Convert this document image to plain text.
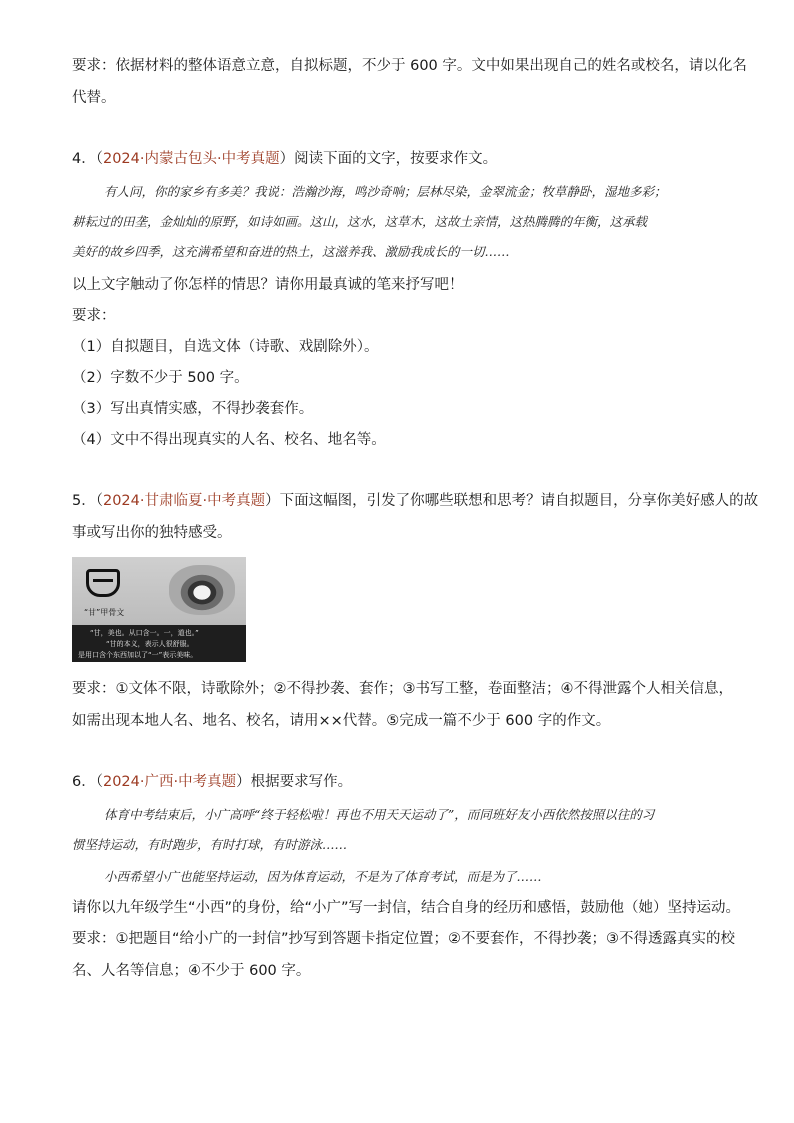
要求：依据材料的整体语意立意，自拟标题，不少于 600 字。文中如果出现自己的姓名或校名，请以化名
代替。
4．（2024·内蒙古包头·中考真题）阅读下面的文字，按要求作文。
有人问，你的家乡有多美？我说：浩瀚沙海，鸣沙奇响；层林尽染，金翠流金；牧草静卧，湿地多彩；
耕耘过的田垄，金灿灿的原野，如诗如画。这山，这水，这草木，这故土亲情，这热腾腾的年衡，这承载
美好的故乡四季，这充满希望和奋进的热土，这滋养我、激励我成长的一切……
以上文字触动了你怎样的情思？请你用最真诚的笔来抒写吧！
要求：
（1）自拟题目，自选文体（诗歌、戏剧除外）。
（2）字数不少于 500 字。
（3）写出真情实感，不得抄袭套作。
（4）文中不得出现真实的人名、校名、地名等。
5．（2024·甘肃临夏·中考真题）下面这幅图，引发了你哪些联想和思考？请自拟题目，分享你美好感人的故
事或写出你的独特感受。
“甘”甲骨文
“甘，美也。从口含一。一，道也。”
“甘的本义，表示人很舒服。
是用口含个东西加以了“一”表示美味。
要求：①文体不限，诗歌除外；②不得抄袭、套作；③书写工整，卷面整洁；④不得泄露个人相关信息，
如需出现本地人名、地名、校名，请用××代替。⑤完成一篇不少于 600 字的作文。
6．（2024·广西·中考真题）根据要求写作。
体育中考结束后，小广高呼“终于轻松啦！再也不用天天运动了”，而同班好友小西依然按照以往的习
惯坚持运动，有时跑步，有时打球，有时游泳……
小西希望小广也能坚持运动，因为体育运动，不是为了体育考试，而是为了……
请你以九年级学生“小西”的身份，给“小广”写一封信，结合自身的经历和感悟，鼓励他（她）坚持运动。
要求：①把题目“给小广的一封信”抄写到答题卡指定位置；②不要套作，不得抄袭；③不得透露真实的校
名、人名等信息；④不少于 600 字。
